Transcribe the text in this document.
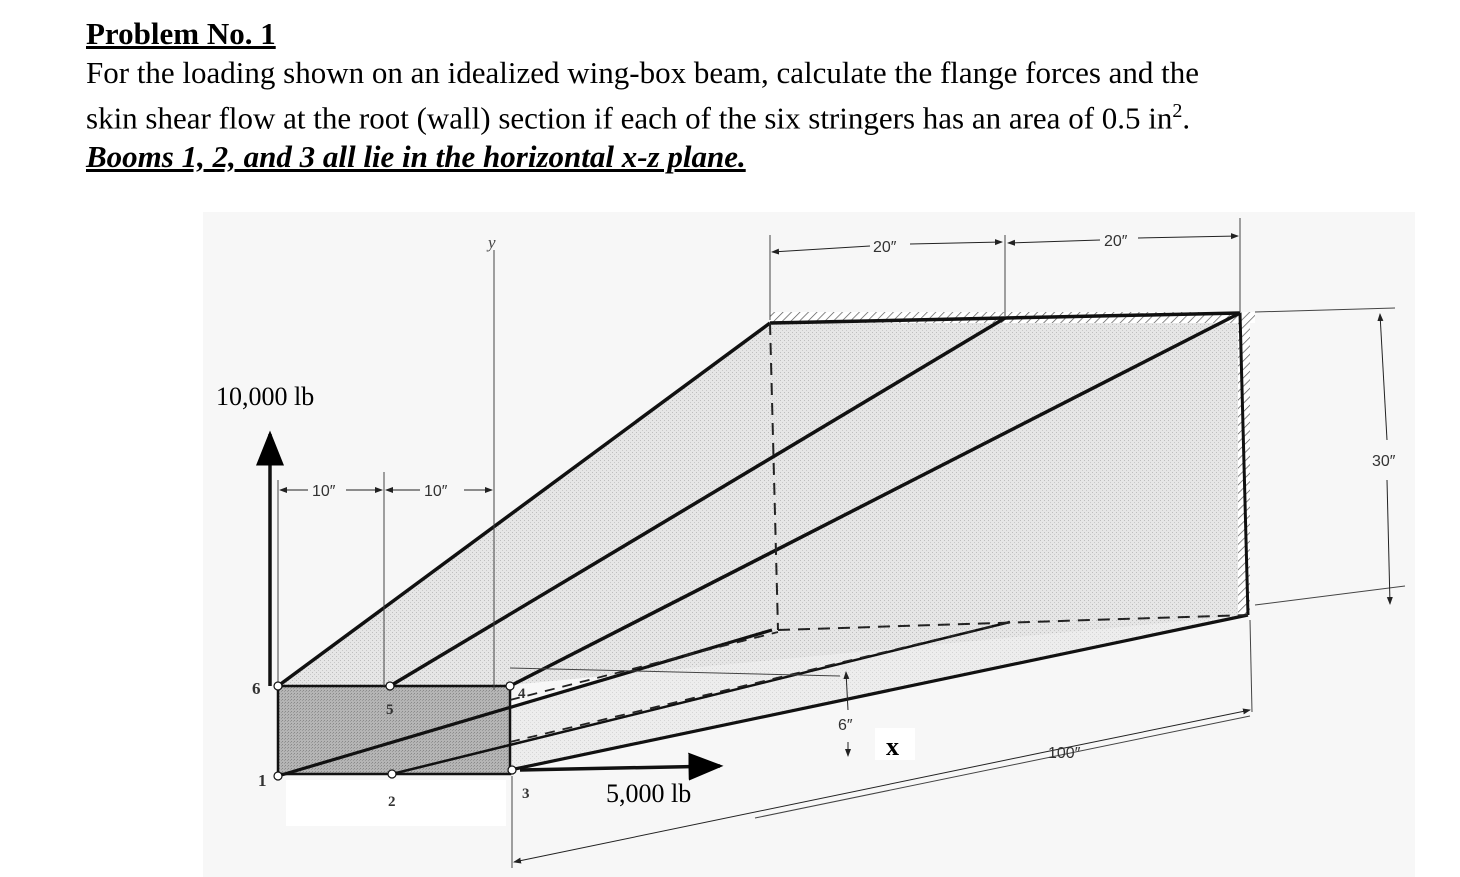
Problem No. 1

For the loading shown on an idealized wing-box beam, calculate the flange forces and the
skin shear flow at the root (wall) section if each of the six stringers has an area of 0.5 $in^2$.

Booms 1, 2, and 3 all lie in the horizontal x-z plane.

10,000 lb
5,000 lb
y
x
10″	10″
20″	20″
30″
6″
100″
6
5
4
1
2	3
